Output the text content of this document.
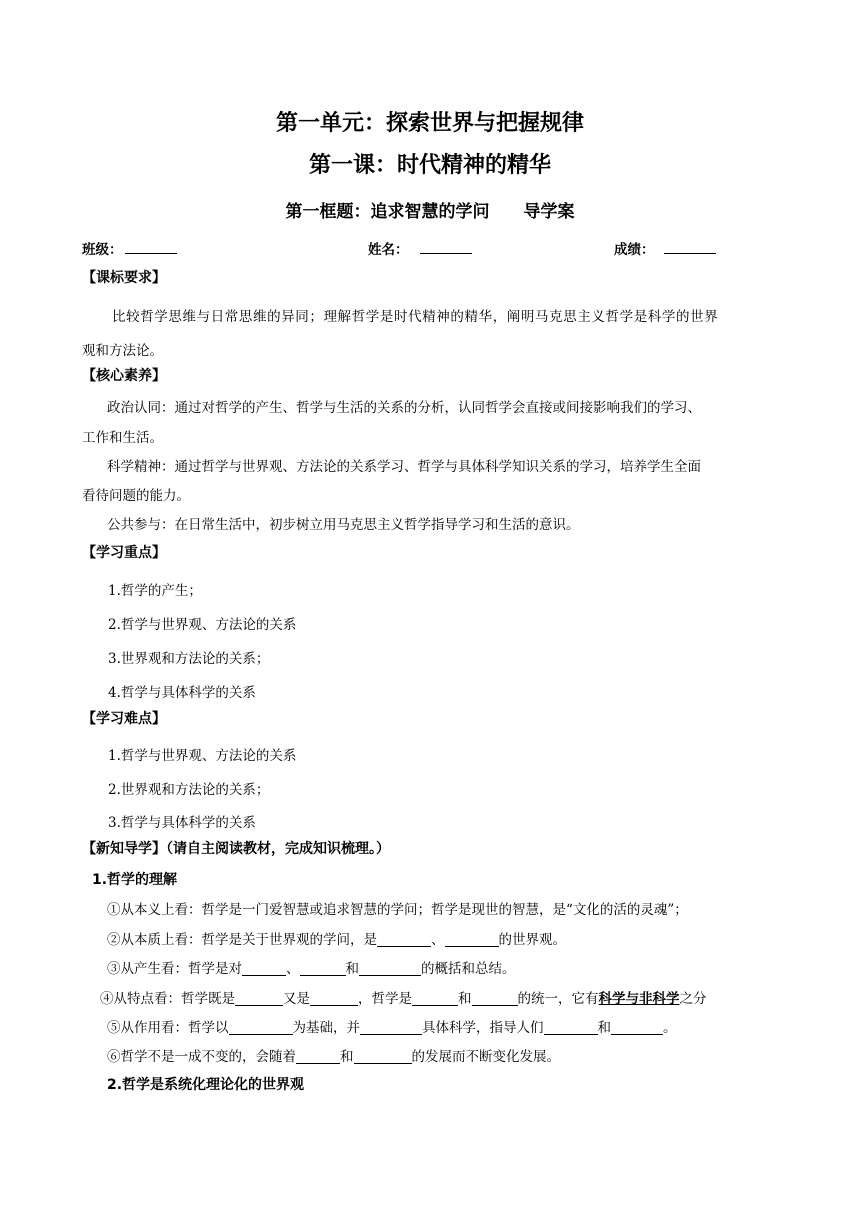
第一单元：探索世界与把握规律
第一课：时代精神的精华
第一框题：追求智慧的学问　　导学案
班级：	姓名：	成绩：
【课标要求】
比较哲学思维与日常思维的异同；理解哲学是时代精神的精华，阐明马克思主义哲学是科学的世界
观和方法论。
【核心素养】
政治认同：通过对哲学的产生、哲学与生活的关系的分析，认同哲学会直接或间接影响我们的学习、
工作和生活。
科学精神：通过哲学与世界观、方法论的关系学习、哲学与具体科学知识关系的学习，培养学生全面
看待问题的能力。
公共参与：在日常生活中，初步树立用马克思主义哲学指导学习和生活的意识。
【学习重点】
1.哲学的产生；
2.哲学与世界观、方法论的关系
3.世界观和方法论的关系；
4.哲学与具体科学的关系
【学习难点】
1.哲学与世界观、方法论的关系
2.世界观和方法论的关系；
3.哲学与具体科学的关系
【新知导学】（请自主阅读教材，完成知识梳理。）
1.哲学的理解
①从本义上看：哲学是一门爱智慧或追求智慧的学问；哲学是现世的智慧，是“文化的活的灵魂”；
②从本质上看：哲学是关于世界观的学问，是	、	的世界观。
③从产生看：哲学是对	、	和	的概括和总结。
④从特点看：哲学既是	又是	，哲学是	和	的统一，它有科学与非科学之分
⑤从作用看：哲学以	为基础，并	具体科学，指导人们	和	。
⑥哲学不是一成不变的，会随着	和	的发展而不断变化发展。
2.哲学是系统化理论化的世界观
